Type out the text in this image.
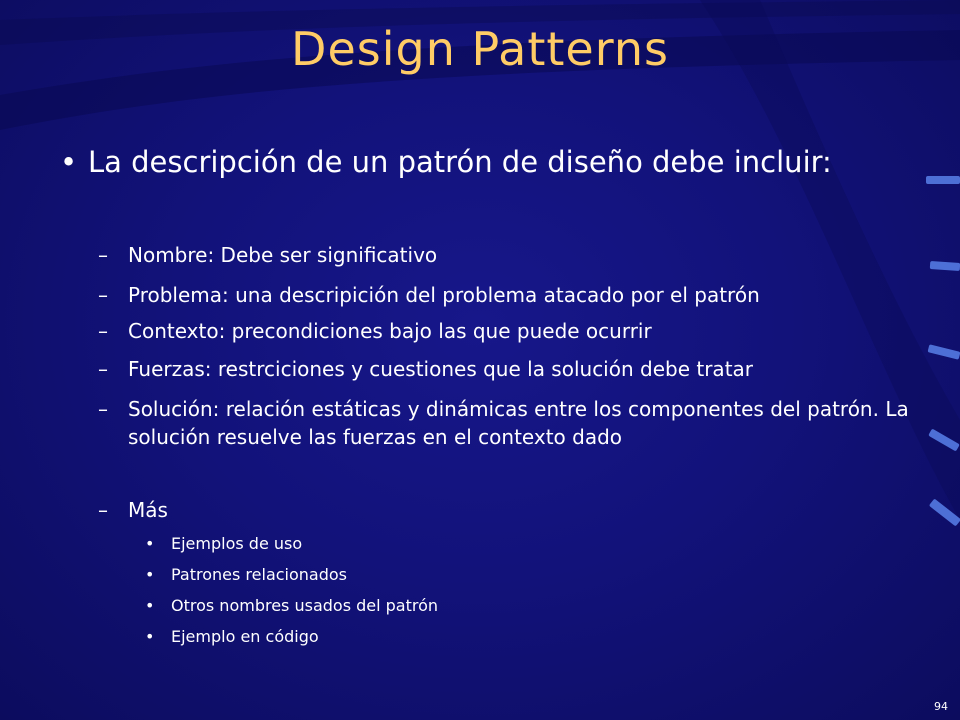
Design Patterns
• La descripción de un patrón de diseño debe incluir:
– Nombre: Debe ser significativo
– Problema: una descripición del problema atacado por el patrón
– Contexto: precondiciones bajo las que puede ocurrir
– Fuerzas: restrciciones y cuestiones que la solución debe tratar
– Solución: relación estáticas y dinámicas entre los componentes del patrón. La solución resuelve las fuerzas en el contexto dado
– Más
• Ejemplos de uso
• Patrones relacionados
• Otros nombres usados del patrón
• Ejemplo en código
94
